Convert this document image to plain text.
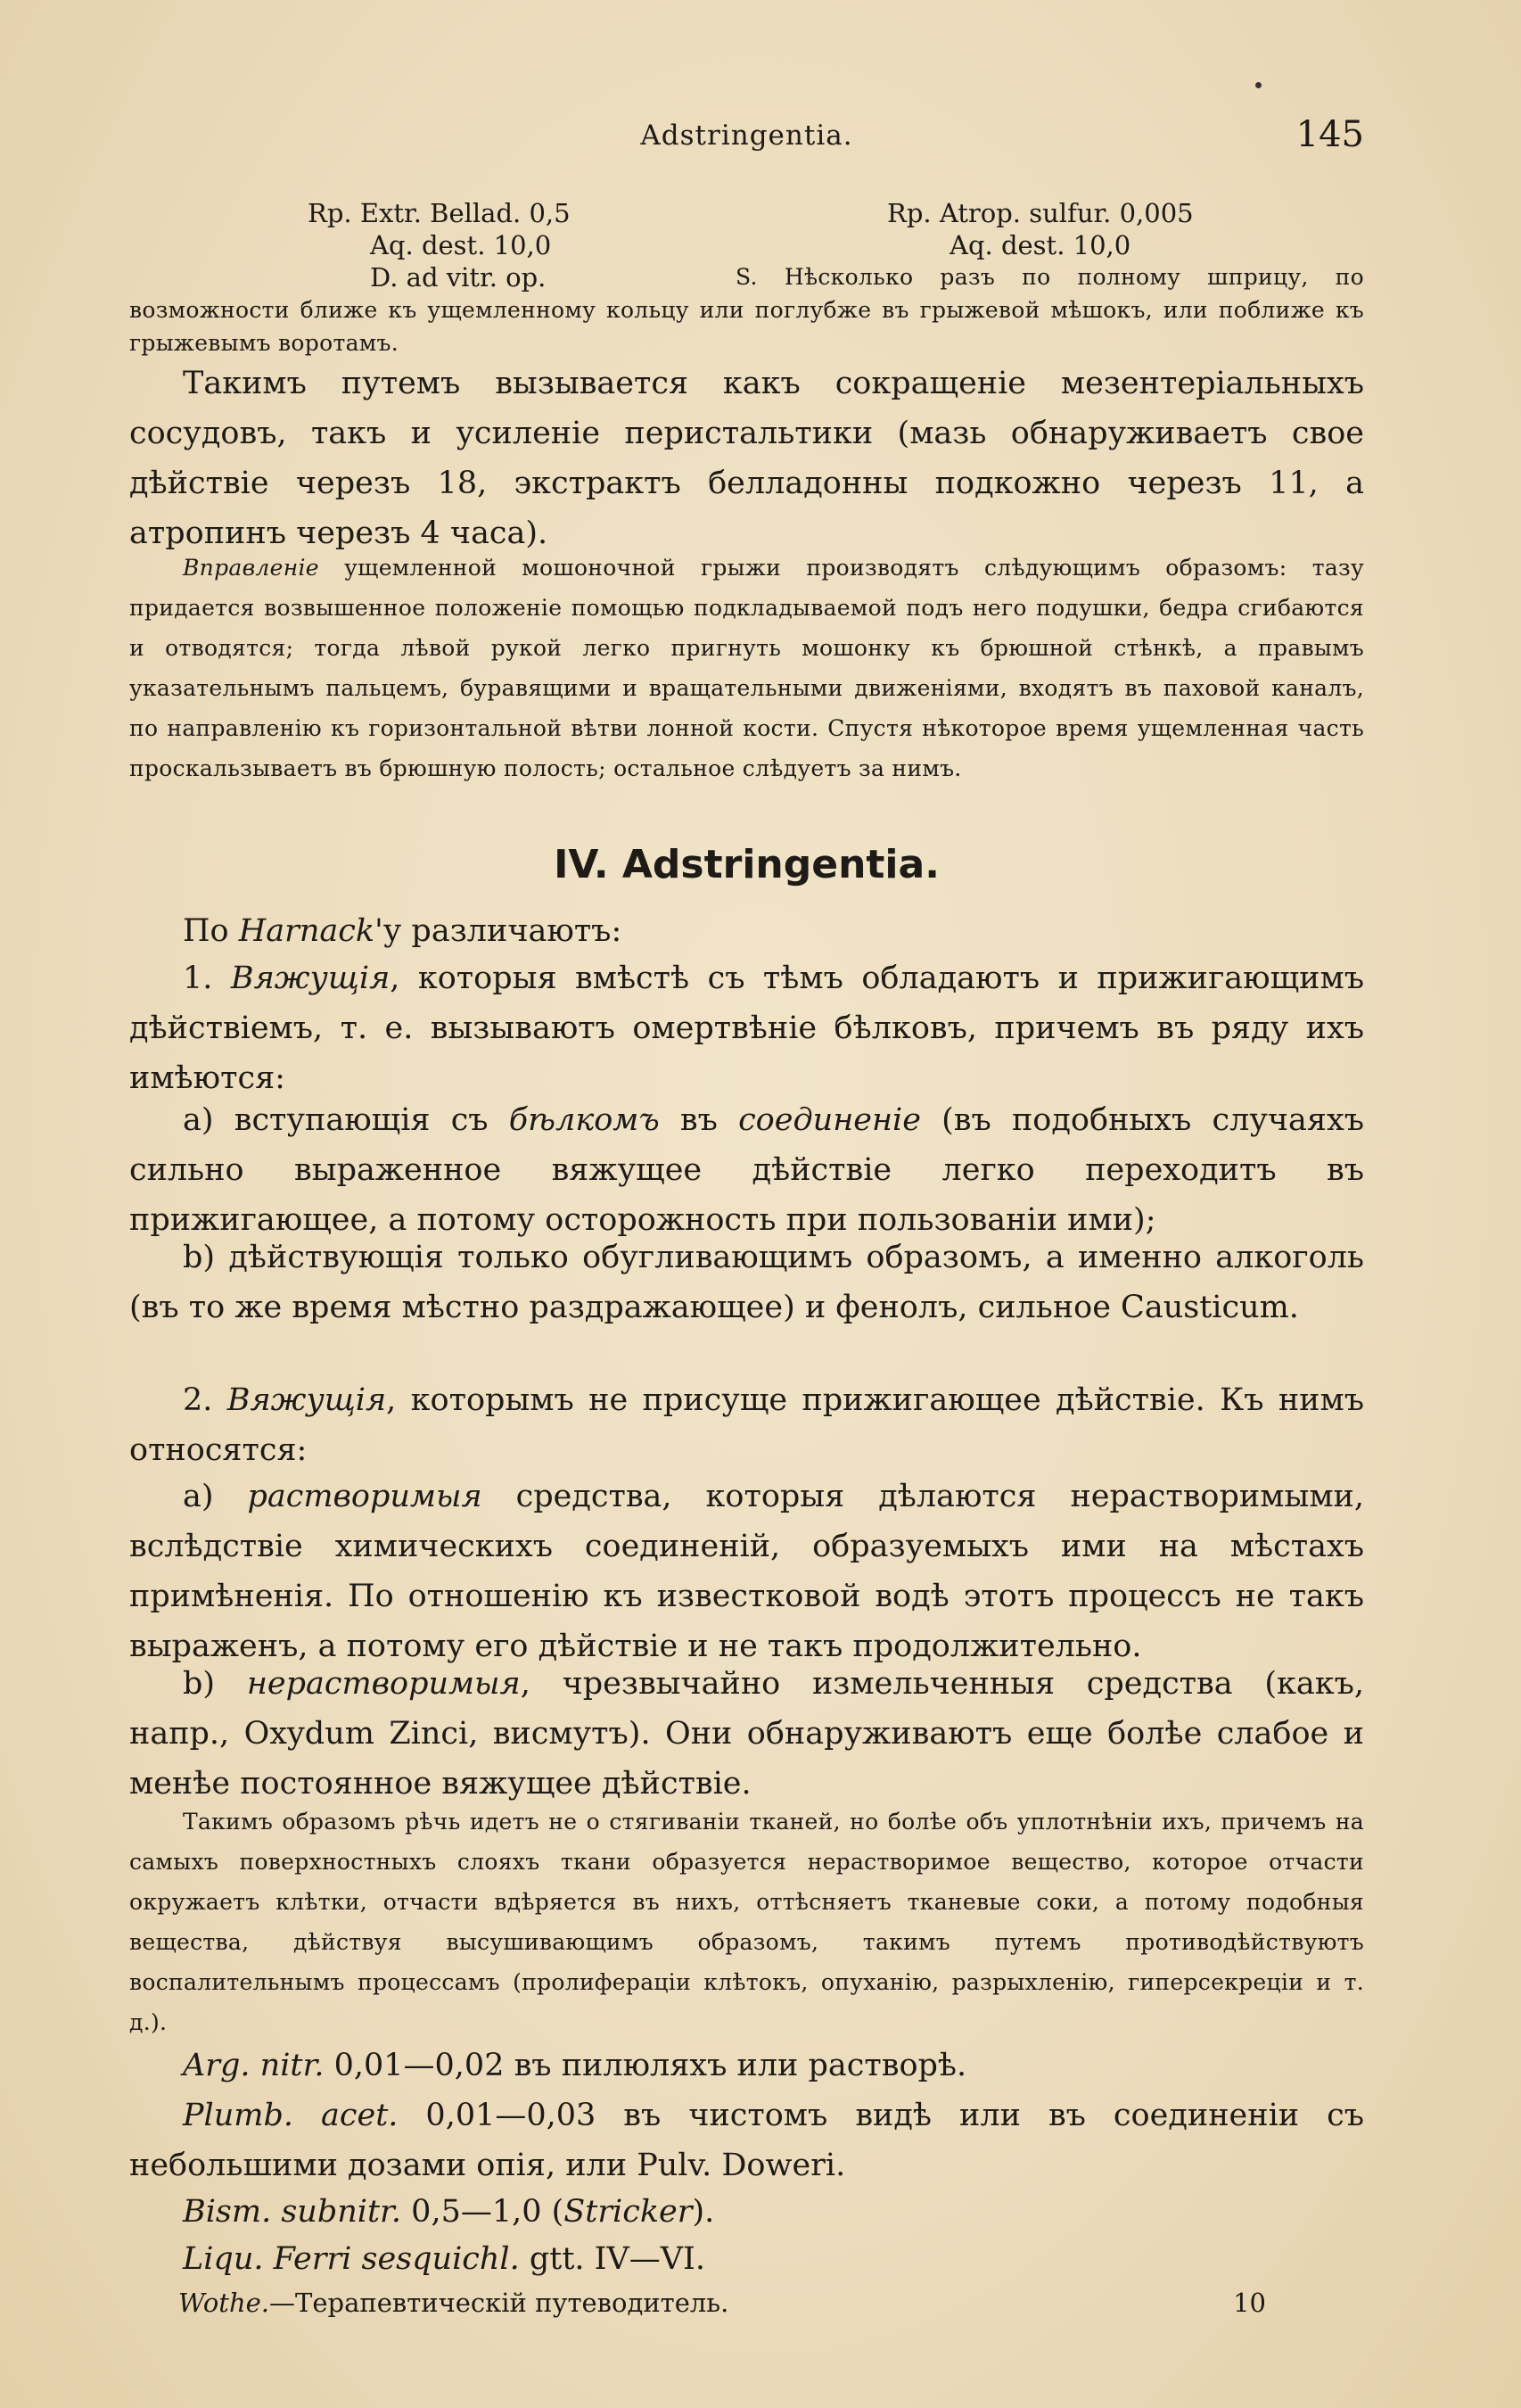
Adstringentia.	145
Rp. Extr. Bellad. 0,5
Aq. dest. 10,0
D. ad vitr. op.
Rp. Atrop. sulfur. 0,005
Aq. dest. 10,0

S. Нѣсколько разъ по полному шприцу, по возможности ближе къ ущемленному кольцу или поглубже въ грыжевой мѣшокъ, или поближе къ грыжевымъ воротамъ.

Такимъ путемъ вызывается какъ сокращеніе мезентеріальныхъ сосудовъ, такъ и усиленіе перистальтики (мазь обнаруживаетъ свое дѣйствіе черезъ 18, экстрактъ белладонны подкожно черезъ 11, а атропинъ черезъ 4 часа).

Вправленіе ущемленной мошоночной грыжи производятъ слѣдующимъ образомъ: тазу придается возвышенное положеніе помощью подкладываемой подъ него подушки, бедра сгибаются и отводятся; тогда лѣвой рукой легко пригнуть мошонку къ брюшной стѣнкѣ, а правымъ указательнымъ пальцемъ, буравящими и вращательными движеніями, входятъ въ паховой каналъ, по направленію къ горизонтальной вѣтви лонной кости. Спустя нѣкоторое время ущемленная часть проскальзываетъ въ брюшную полость; остальное слѣдуетъ за нимъ.

IV. Adstringentia.

По Harnack'у различаютъ:

1. Вяжущія, которыя вмѣстѣ съ тѣмъ обладаютъ и прижигающимъ дѣйствіемъ, т. е. вызываютъ омертвѣніе бѣлковъ, причемъ въ ряду ихъ имѣются:

a) вступающія съ бѣлкомъ въ соединеніе (въ подобныхъ случаяхъ сильно выраженное вяжущее дѣйствіе легко переходитъ въ прижигающее, а потому осторожность при пользованіи ими);

b) дѣйствующія только обугливающимъ образомъ, а именно алкоголь (въ то же время мѣстно раздражающее) и фенолъ, сильное Causticum.

2. Вяжущія, которымъ не присуще прижигающее дѣйствіе. Къ нимъ относятся:

a) растворимыя средства, которыя дѣлаются нерастворимыми, вслѣдствіе химическихъ соединеній, образуемыхъ ими на мѣстахъ примѣненія. По отношенію къ известковой водѣ этотъ процессъ не такъ выраженъ, а потому его дѣйствіе и не такъ продолжительно.

b) нерастворимыя, чрезвычайно измельченныя средства (какъ, напр., Oxydum Zinci, висмутъ). Они обнаруживаютъ еще болѣе слабое и менѣе постоянное вяжущее дѣйствіе.

Такимъ образомъ рѣчь идетъ не о стягиваніи тканей, но болѣе объ уплотнѣніи ихъ, причемъ на самыхъ поверхностныхъ слояхъ ткани образуется нерастворимое вещество, которое отчасти окружаетъ клѣтки, отчасти вдѣряется въ нихъ, оттѣсняетъ тканевые соки, а потому подобныя вещества, дѣйствуя высушивающимъ образомъ, такимъ путемъ противодѣйствуютъ воспалительнымъ процессамъ (пролифераціи клѣтокъ, опуханію, разрыхленію, гиперсекреціи и т. д.).

Arg. nitr. 0,01—0,02 въ пилюляхъ или растворѣ.

Plumb. acet. 0,01—0,03 въ чистомъ видѣ или въ соединеніи съ небольшими дозами опія, или Pulv. Doweri.

Bism. subnitr. 0,5—1,0 (Stricker).

Liqu. Ferri sesquichl. gtt. IV—VI.

Wothe.—Терапевтическій путеводитель.	10
